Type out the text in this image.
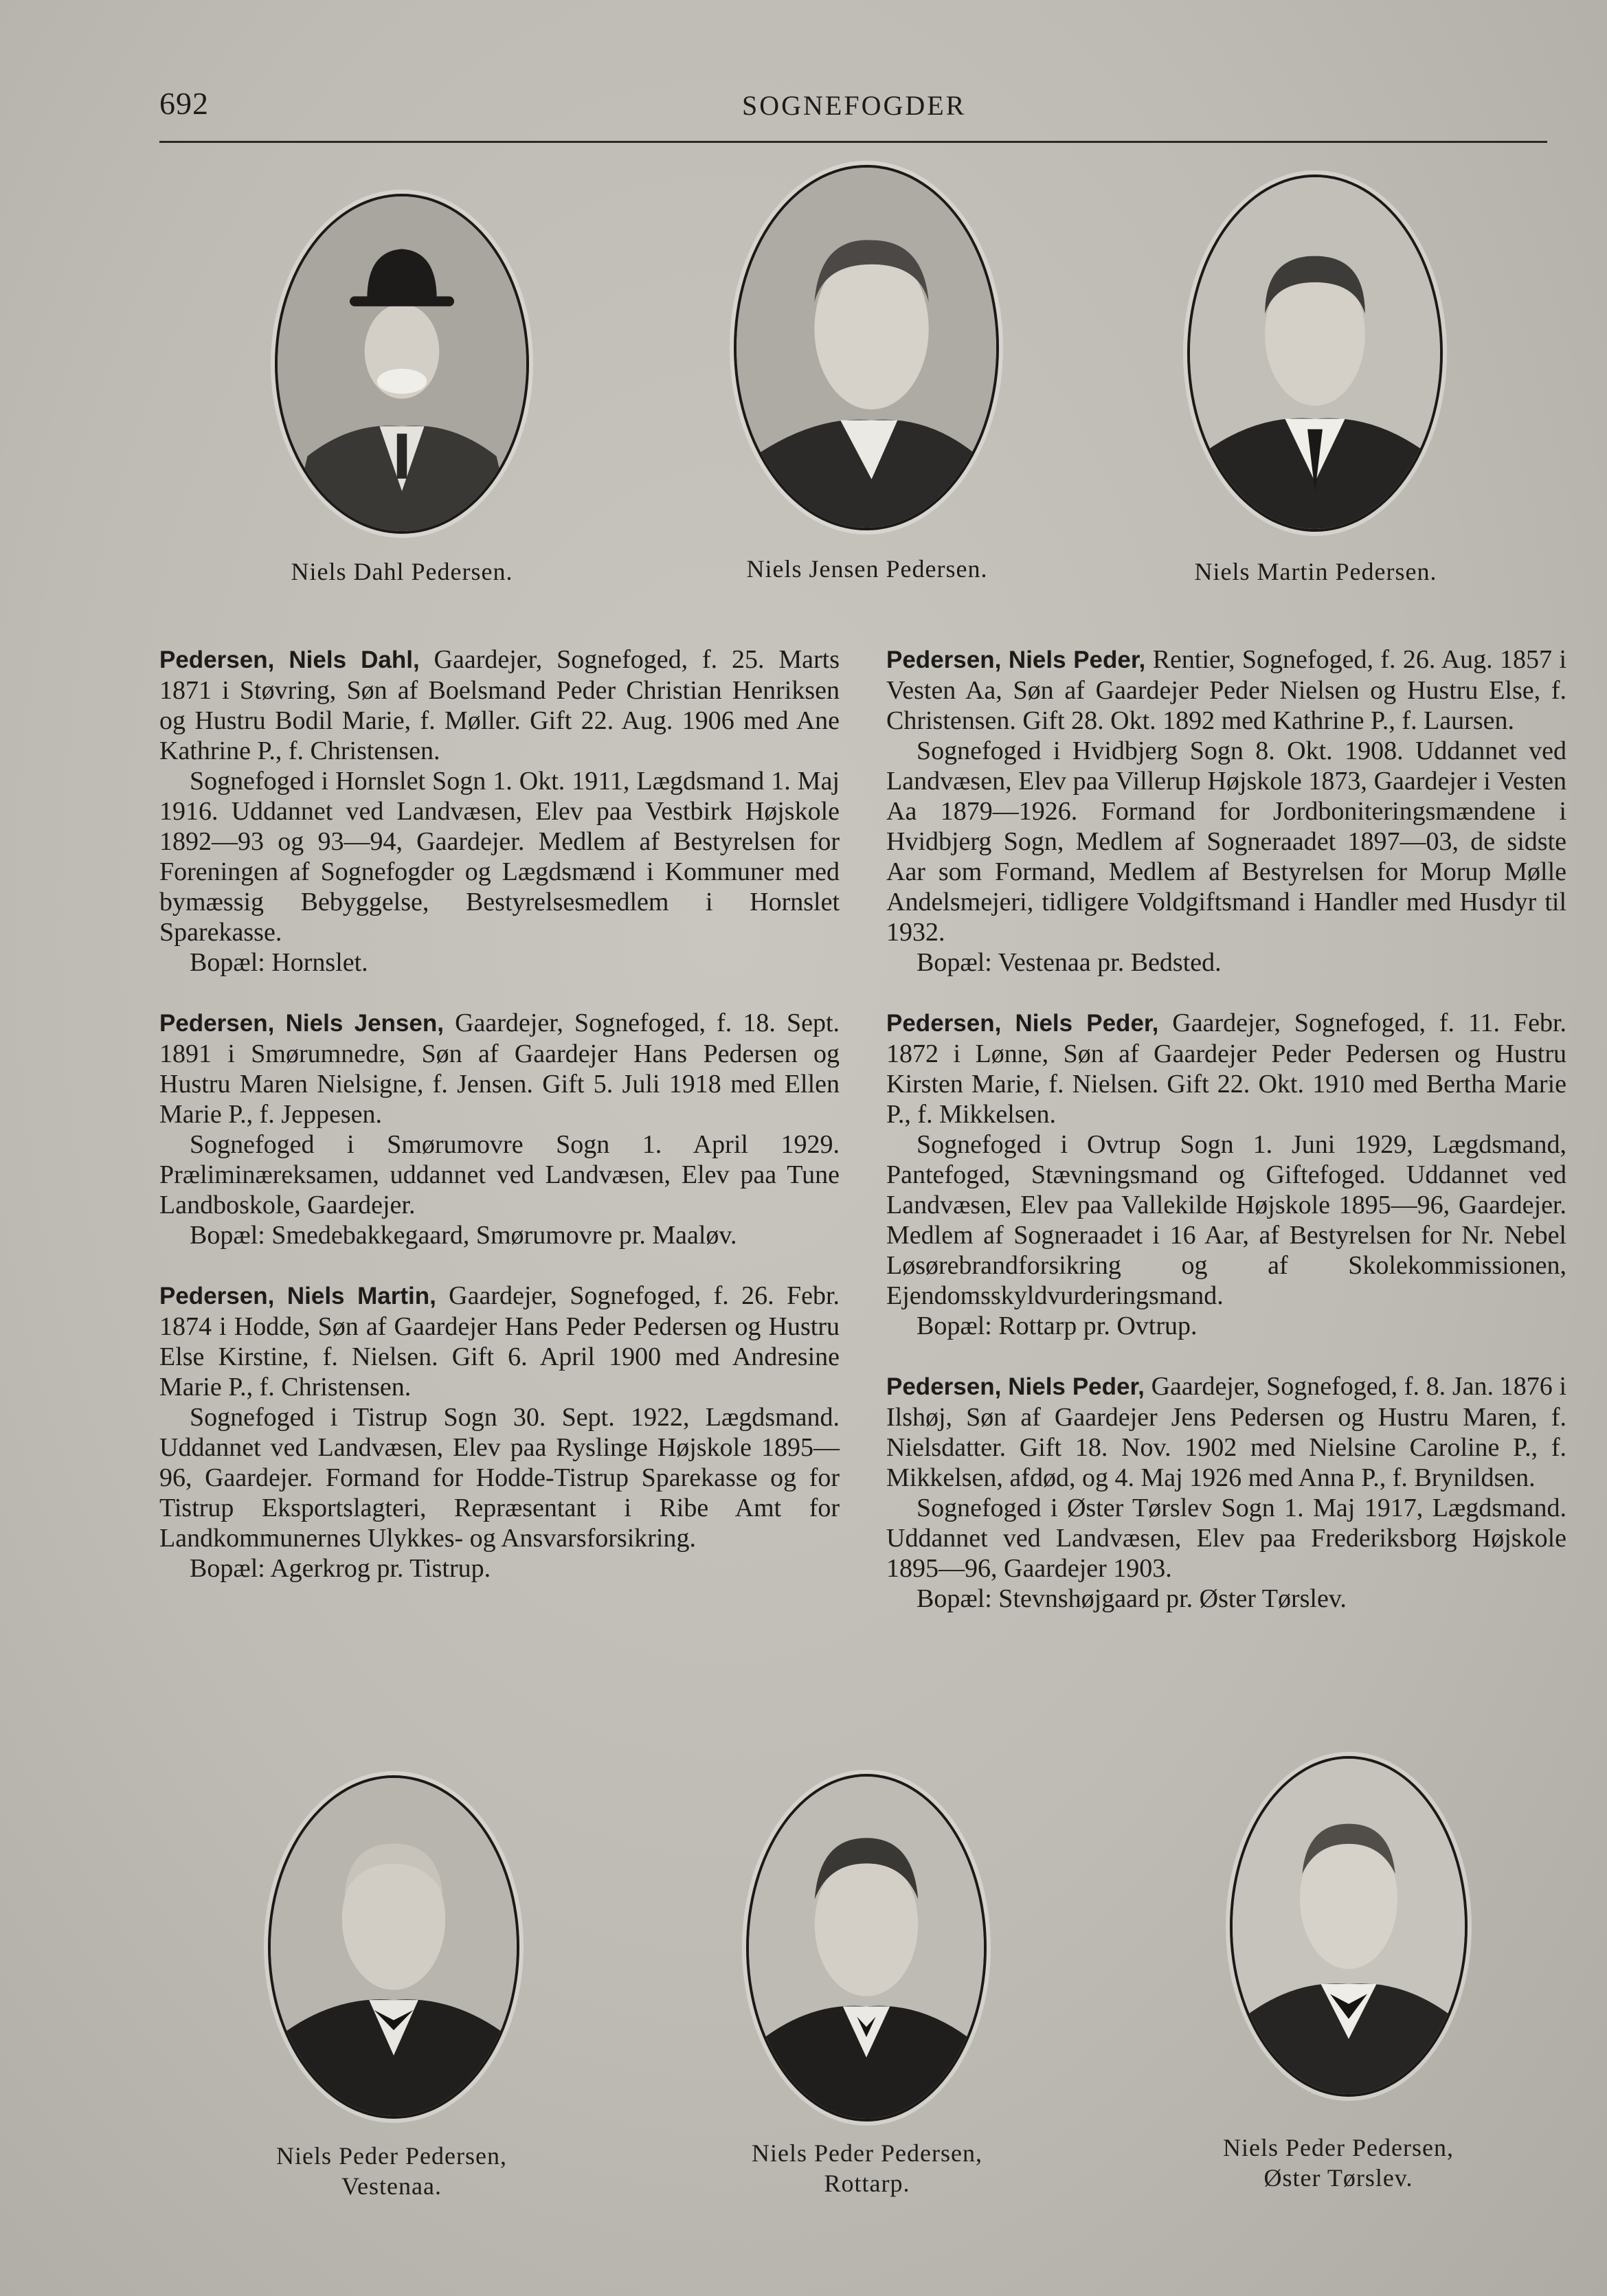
692	SOGNEFOGDER
Niels Dahl Pedersen.	Niels Jensen Pedersen.	Niels Martin Pedersen.

Pedersen, Niels Dahl, Gaardejer, Sognefoged, f. 25. Marts 1871 i Støvring, Søn af Boelsmand Peder Christian Henriksen og Hustru Bodil Marie, f. Møller. Gift 22. Aug. 1906 med Ane Kathrine P., f. Christensen.

Sognefoged i Hornslet Sogn 1. Okt. 1911, Lægdsmand 1. Maj 1916. Uddannet ved Landvæsen, Elev paa Vestbirk Højskole 1892—93 og 93—94, Gaardejer. Medlem af Bestyrelsen for Foreningen af Sognefogder og Lægdsmænd i Kommuner med bymæssig Bebyggelse, Bestyrelsesmedlem i Hornslet Sparekasse.

Bopæl: Hornslet.

Pedersen, Niels Jensen, Gaardejer, Sognefoged, f. 18. Sept. 1891 i Smørumnedre, Søn af Gaardejer Hans Pedersen og Hustru Maren Nielsigne, f. Jensen. Gift 5. Juli 1918 med Ellen Marie P., f. Jeppesen.

Sognefoged i Smørumovre Sogn 1. April 1929. Præliminæreksamen, uddannet ved Landvæsen, Elev paa Tune Landboskole, Gaardejer.

Bopæl: Smedebakkegaard, Smørumovre pr. Maaløv.

Pedersen, Niels Martin, Gaardejer, Sognefoged, f. 26. Febr. 1874 i Hodde, Søn af Gaardejer Hans Peder Pedersen og Hustru Else Kirstine, f. Nielsen. Gift 6. April 1900 med Andresine Marie P., f. Christensen.

Sognefoged i Tistrup Sogn 30. Sept. 1922, Lægdsmand. Uddannet ved Landvæsen, Elev paa Ryslinge Højskole 1895—96, Gaardejer. Formand for Hodde-Tistrup Sparekasse og for Tistrup Eksportslagteri, Repræsentant i Ribe Amt for Landkommunernes Ulykkes- og Ansvarsforsikring.

Bopæl: Agerkrog pr. Tistrup.

Pedersen, Niels Peder, Rentier, Sognefoged, f. 26. Aug. 1857 i Vesten Aa, Søn af Gaardejer Peder Nielsen og Hustru Else, f. Christensen. Gift 28. Okt. 1892 med Kathrine P., f. Laursen.

Sognefoged i Hvidbjerg Sogn 8. Okt. 1908. Uddannet ved Landvæsen, Elev paa Villerup Højskole 1873, Gaardejer i Vesten Aa 1879—1926. Formand for Jordboniteringsmændene i Hvidbjerg Sogn, Medlem af Sogneraadet 1897—03, de sidste Aar som Formand, Medlem af Bestyrelsen for Morup Mølle Andelsmejeri, tidligere Voldgiftsmand i Handler med Husdyr til 1932.

Bopæl: Vestenaa pr. Bedsted.

Pedersen, Niels Peder, Gaardejer, Sognefoged, f. 11. Febr. 1872 i Lønne, Søn af Gaardejer Peder Pedersen og Hustru Kirsten Marie, f. Nielsen. Gift 22. Okt. 1910 med Bertha Marie P., f. Mikkelsen.

Sognefoged i Ovtrup Sogn 1. Juni 1929, Lægdsmand, Pantefoged, Stævningsmand og Giftefoged. Uddannet ved Landvæsen, Elev paa Vallekilde Højskole 1895—96, Gaardejer. Medlem af Sogneraadet i 16 Aar, af Bestyrelsen for Nr. Nebel Løsørebrandforsikring og af Skolekommissionen, Ejendomsskyldvurderingsmand.

Bopæl: Rottarp pr. Ovtrup.

Pedersen, Niels Peder, Gaardejer, Sognefoged, f. 8. Jan. 1876 i Ilshøj, Søn af Gaardejer Jens Pedersen og Hustru Maren, f. Nielsdatter. Gift 18. Nov. 1902 med Nielsine Caroline P., f. Mikkelsen, afdød, og 4. Maj 1926 med Anna P., f. Brynildsen.

Sognefoged i Øster Tørslev Sogn 1. Maj 1917, Lægdsmand. Uddannet ved Landvæsen, Elev paa Frederiksborg Højskole 1895—96, Gaardejer 1903.

Bopæl: Stevnshøjgaard pr. Øster Tørslev.

Niels Peder Pedersen,
Vestenaa.
Niels Peder Pedersen,
Rottarp.
Niels Peder Pedersen,
Øster Tørslev.
